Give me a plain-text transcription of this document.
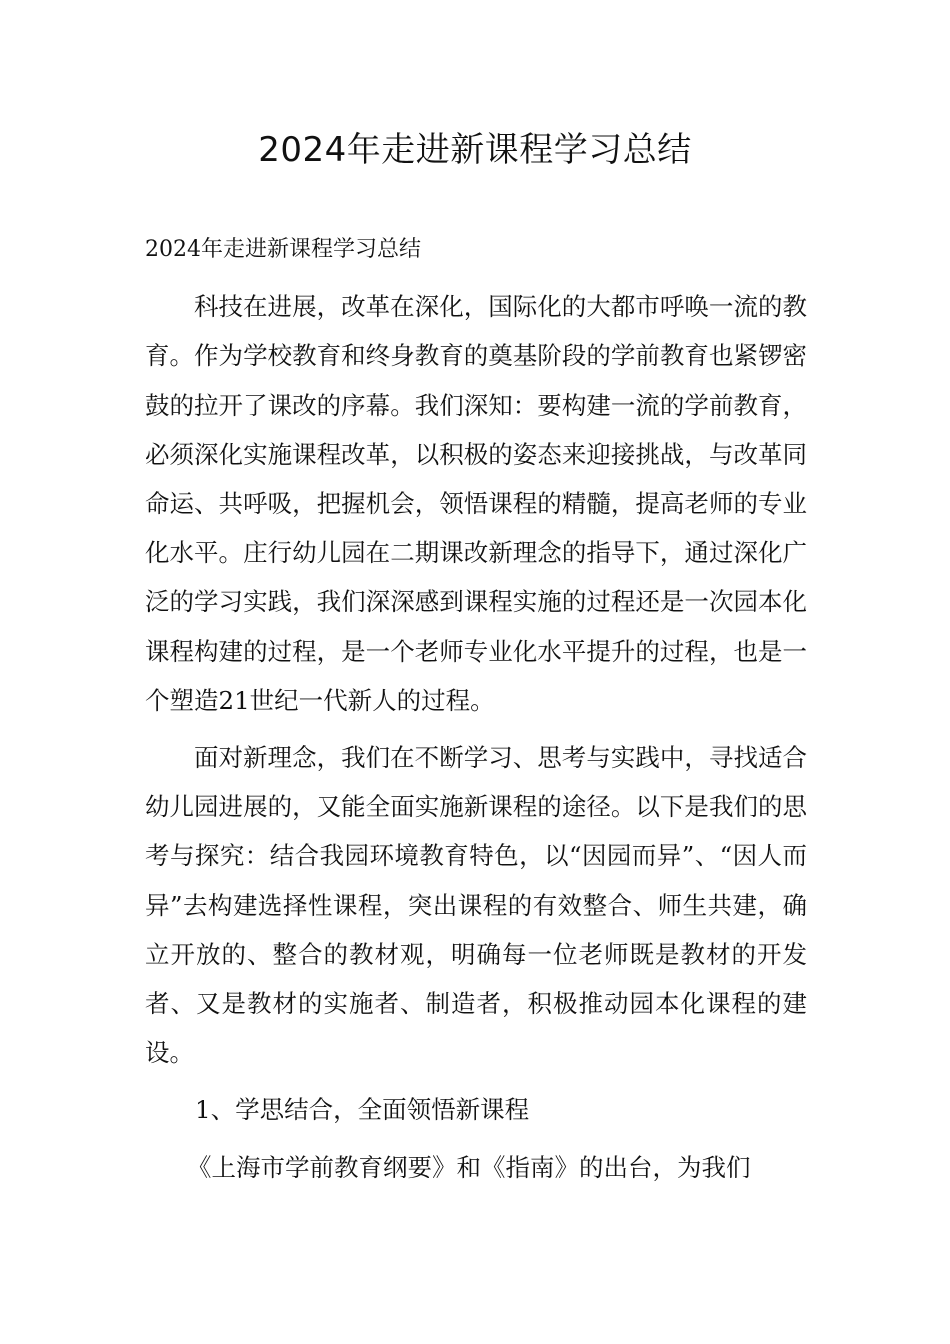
2024年走进新课程学习总结

2024年走进新课程学习总结

科技在进展，改革在深化，国际化的大都市呼唤一流的教育。作为学校教育和终身教育的奠基阶段的学前教育也紧锣密鼓的拉开了课改的序幕。我们深知：要构建一流的学前教育，必须深化实施课程改革，以积极的姿态来迎接挑战，与改革同命运、共呼吸，把握机会，领悟课程的精髓，提高老师的专业化水平。庄行幼儿园在二期课改新理念的指导下，通过深化广泛的学习实践，我们深深感到课程实施的过程还是一次园本化课程构建的过程，是一个老师专业化水平提升的过程，也是一个塑造21世纪一代新人的过程。

面对新理念，我们在不断学习、思考与实践中，寻找适合幼儿园进展的，又能全面实施新课程的途径。以下是我们的思考与探究：结合我园环境教育特色，以“因园而异”、“因人而异”去构建选择性课程，突出课程的有效整合、师生共建，确立开放的、整合的教材观，明确每一位老师既是教材的开发者、又是教材的实施者、制造者，积极推动园本化课程的建设。

1、学思结合，全面领悟新课程

《上海市学前教育纲要》和《指南》的出台，为我们
